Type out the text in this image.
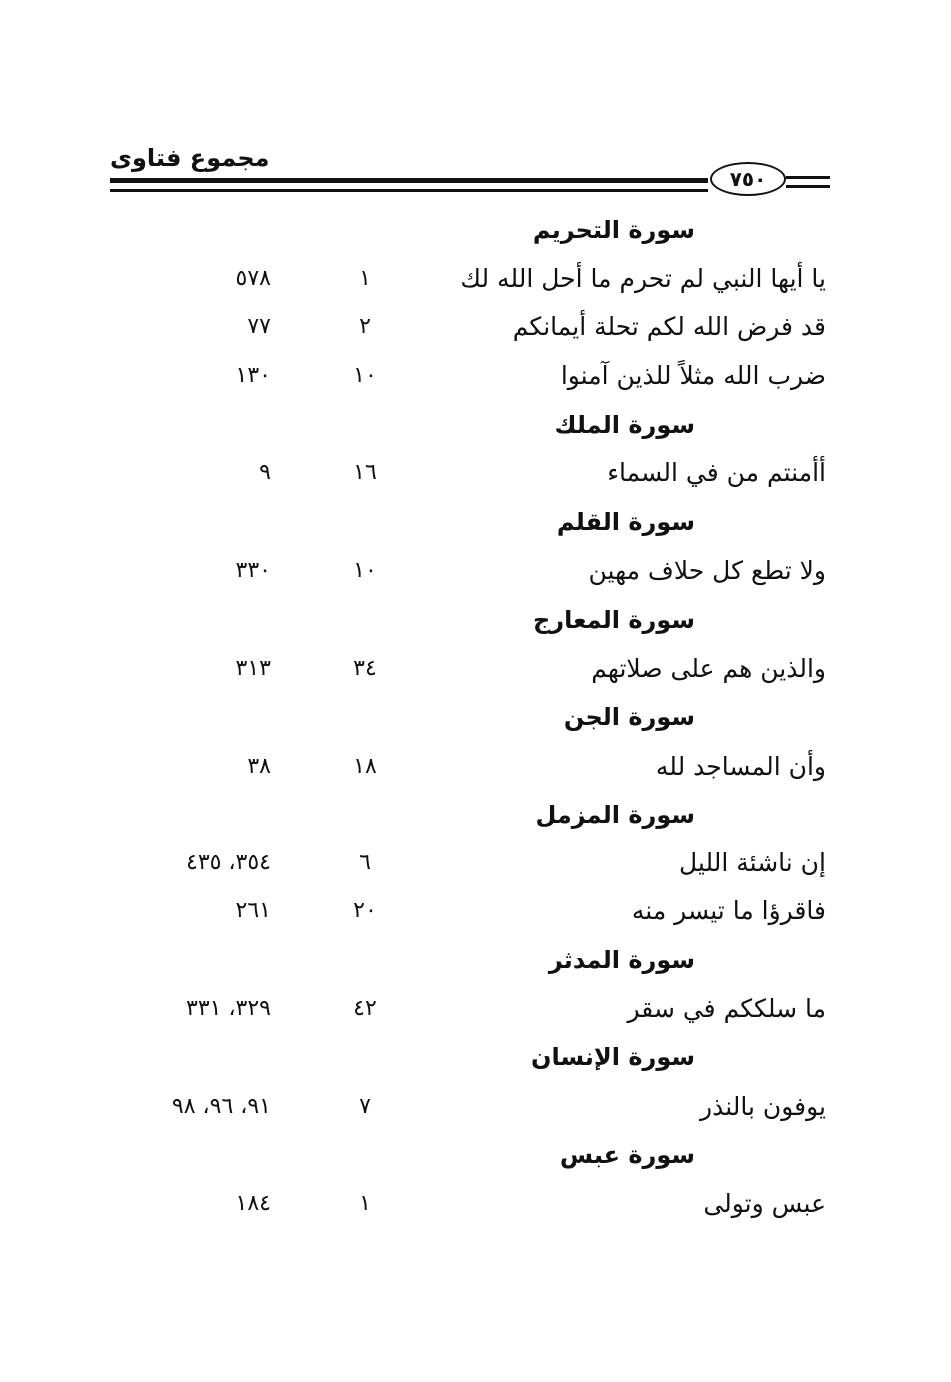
مجموع فتاوى
٧٥٠
سورة التحريم
يا أيها النبي لم تحرم ما أحل الله لك
١
٥٧٨
قد فرض الله لكم تحلة أيمانكم
٢
٧٧
ضرب الله مثلاً للذين آمنوا
١٠
١٣٠
سورة الملك
أأمنتم من في السماء
١٦
٩
سورة القلم
ولا تطع كل حلاف مهين
١٠
٣٣٠
سورة المعارج
والذين هم على صلاتهم
٣٤
٣١٣
سورة الجن
وأن المساجد لله
١٨
٣٨
سورة المزمل
إن ناشئة الليل
٦
٣٥٤، ٤٣٥
فاقرؤا ما تيسر منه
٢٠
٢٦١
سورة المدثر
ما سلككم في سقر
٤٢
٣٢٩، ٣٣١
سورة الإنسان
يوفون بالنذر
٧
٩١، ٩٦، ٩٨
سورة عبس
عبس وتولى
١
١٨٤
